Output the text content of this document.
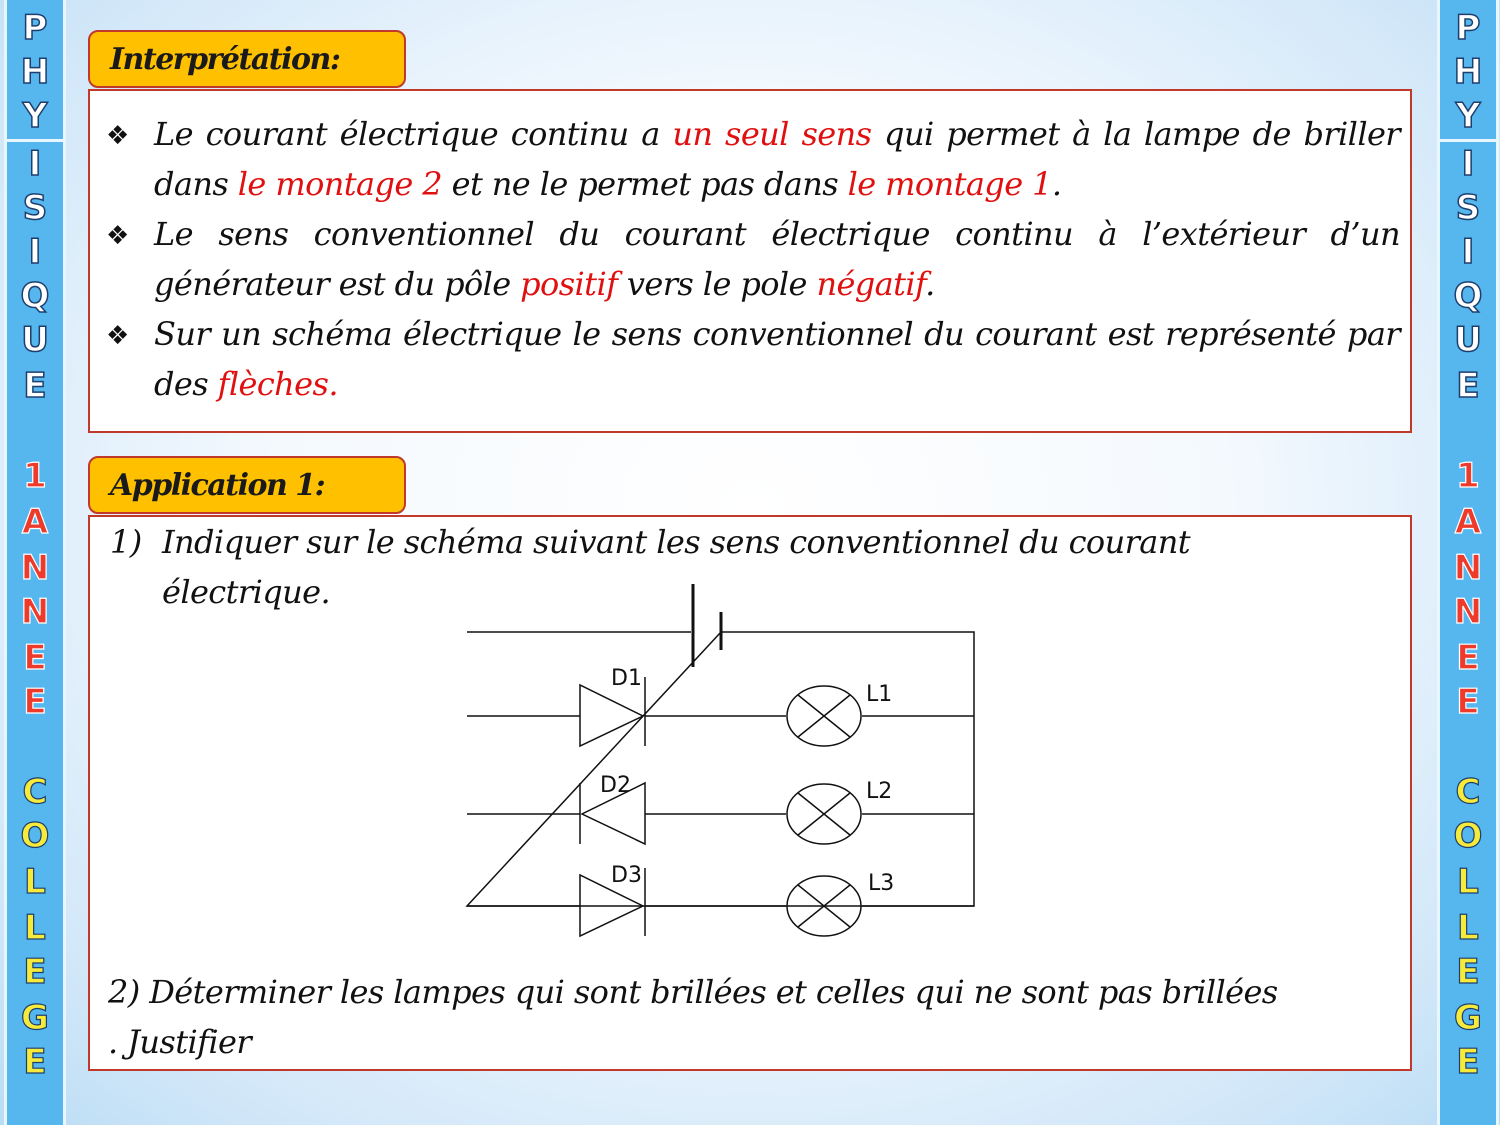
P
H
Y
I
S
I
Q
U
E
1
A
N
N
E
E
C
O
L
L
E
G
E
P
H
Y
I
S
I
Q
U
E
1
A
N
N
E
E
C
O
L
L
E
G
E
Interprétation:
❖ Le courant électrique continu a un seul sens qui permet à la lampe de briller dans le montage 2 et ne le permet pas dans le montage 1.
❖ Le sens conventionnel du courant électrique continu à l’extérieur d’un générateur est du pôle positif vers le pole négatif.
❖ Sur un schéma électrique le sens conventionnel du courant est représenté par des flèches.
Application 1:
1) Indiquer sur le schéma suivant les sens conventionnel du courant
électrique.
D1
D2
D3
L1
L2
L3
2) Déterminer les lampes qui sont brillées et celles qui ne sont pas brillées
. Justifier
